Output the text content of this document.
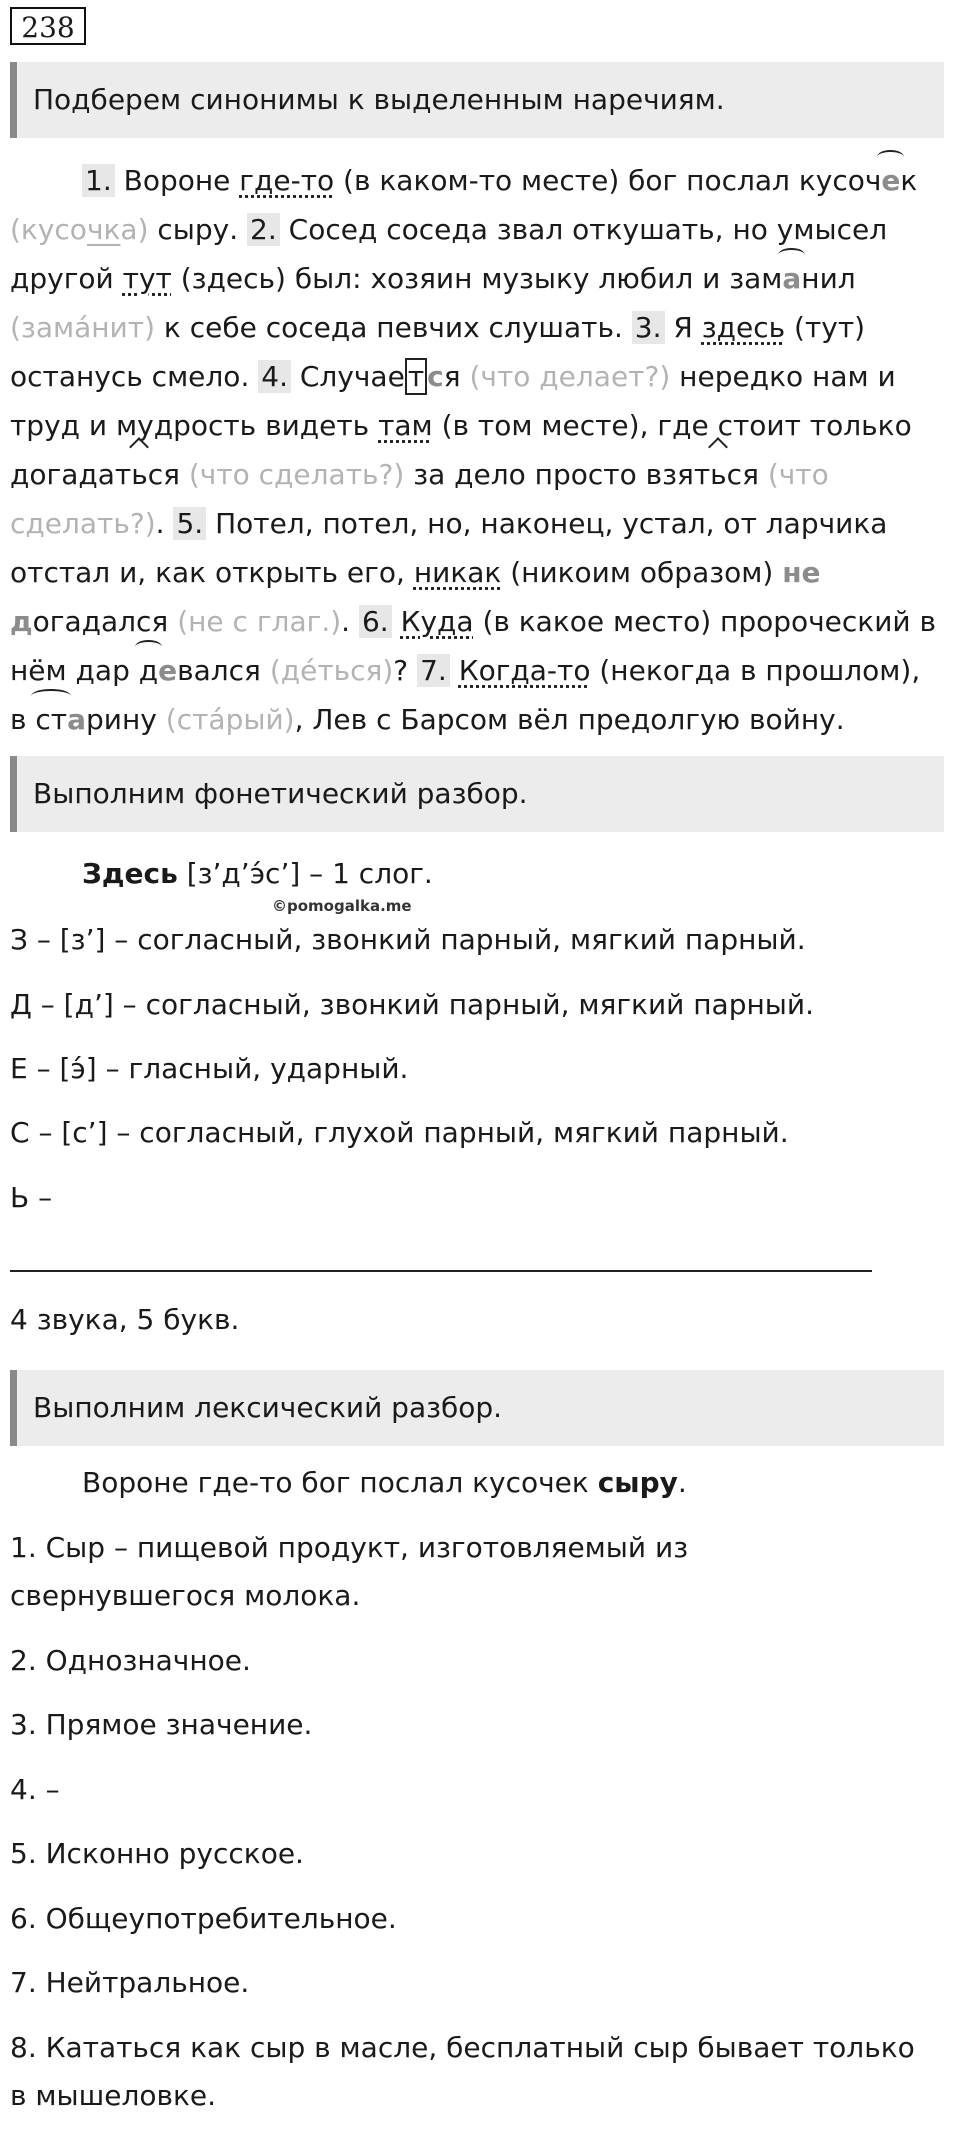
238
Подберем синонимы к выделенным наречиям.
1. Вороне где-то (в каком-то месте) бог послал кусочек
(кусочка) сыру. 2. Сосед соседа звал откушать, но умысел
другой тут (здесь) был: хозяин музыку любил и заманил
(зама́нит) к себе соседа певчих слушать. 3. Я здесь (тут)
останусь смело. 4. Случае т ся (что делает?) нередко нам и
труд и мудрость видеть там (в том месте), где стоит только
догадаться (что сделать?) за дело просто взяться (что
сделать?). 5. Потел, потел, но, наконец, устал, от ларчика
отстал и, как открыть его, никак (никоим образом) не
догадался (не с глаг.). 6. Куда (в какое место) пророческий в
нём дар девался (де́ться)? 7. Когда-то (некогда в прошлом),
в старину (ста́рый), Лев с Барсом вёл предолгую войну.
Выполним фонетический разбор.
Здесь [з’д’э́с’] – 1 слог.
©pomogalka.me
З – [з’] – согласный, звонкий парный, мягкий парный.
Д – [д’] – согласный, звонкий парный, мягкий парный.
Е – [э́] – гласный, ударный.
С – [с’] – согласный, глухой парный, мягкий парный.
Ь –
4 звука, 5 букв.
Выполним лексический разбор.
Вороне где-то бог послал кусочек сыру.
1. Сыр – пищевой продукт, изготовляемый из
свернувшегося молока.
2. Однозначное.
3. Прямое значение.
4. –
5. Исконно русское.
6. Общеупотребительное.
7. Нейтральное.
8. Кататься как сыр в масле, бесплатный сыр бывает только
в мышеловке.
